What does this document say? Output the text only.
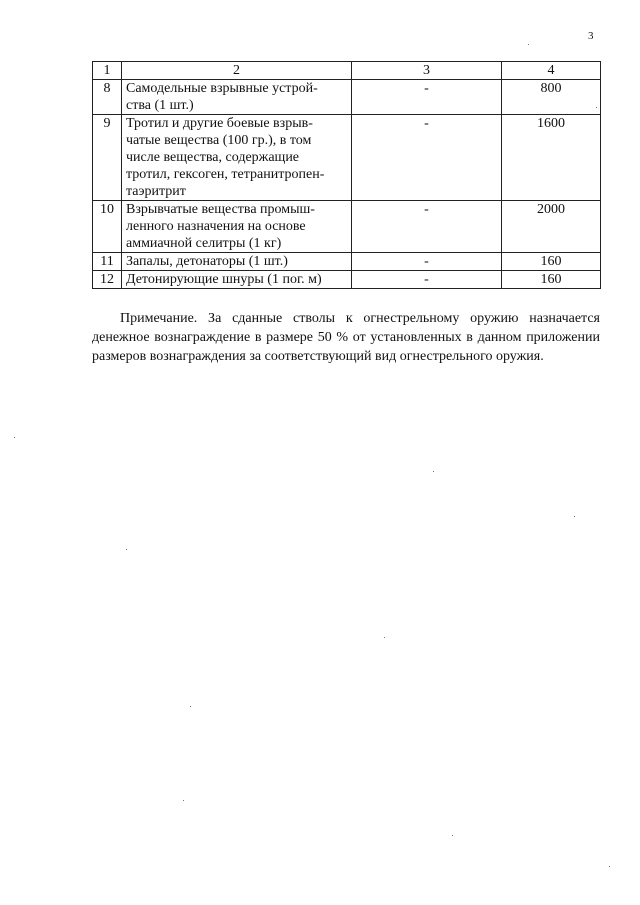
3
1	2	3	4
8	Самодельные взрывные устрой-
ства (1 шт.)	-	800
9	Тротил и другие боевые взрыв-
чатые вещества (100 гр.), в том
числе вещества, содержащие
тротил, гексоген, тетранитропен-
таэритрит	-	1600
10	Взрывчатые вещества промыш-
ленного назначения на основе
аммиачной селитры (1 кг)	-	2000
11	Запалы, детонаторы (1 шт.)	-	160
12	Детонирующие шнуры (1 пог. м)	-	160

Примечание. За сданные стволы к огнестрельному оружию назначается денежное вознаграждение в размере 50 % от установленных в данном приложении размеров вознаграждения за соответствующий вид огнестрельного оружия.
